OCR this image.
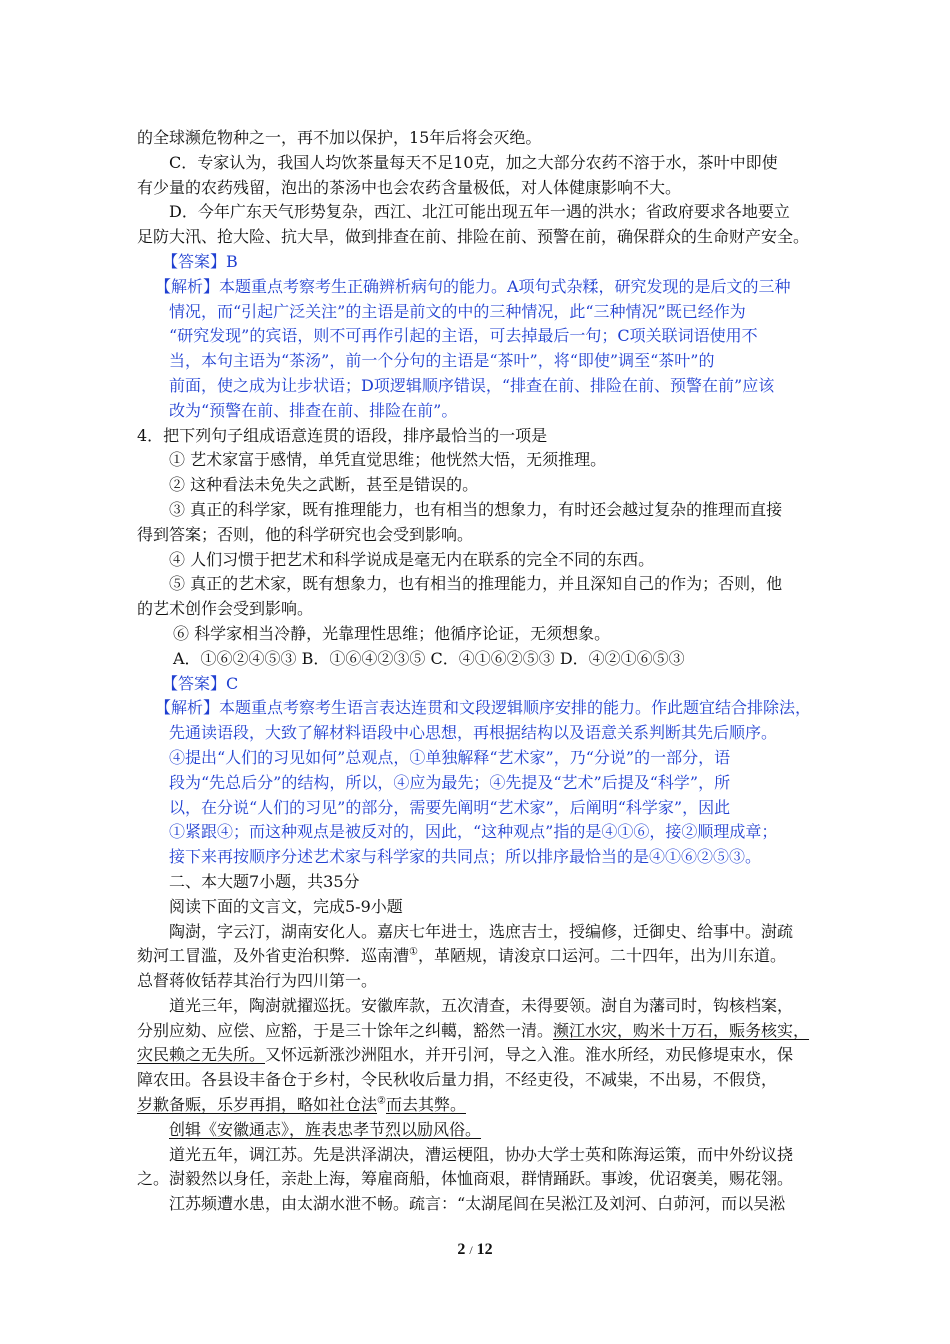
的全球濒危物种之一，再不加以保护，15年后将会灭绝。
C．专家认为，我国人均饮茶量每天不足10克，加之大部分农药不溶于水，茶叶中即使
有少量的农药残留，泡出的茶汤中也会农药含量极低，对人体健康影响不大。
D．今年广东天气形势复杂，西江、北江可能出现五年一遇的洪水；省政府要求各地要立
足防大汛、抢大险、抗大旱，做到排查在前、排险在前、预警在前，确保群众的生命财产安全。
【答案】B
【解析】本题重点考察考生正确辨析病句的能力。A项句式杂糅，研究发现的是后文的三种
情况，而“引起广泛关注”的主语是前文的中的三种情况，此“三种情况”既已经作为
“研究发现”的宾语，则不可再作引起的主语，可去掉最后一句；C项关联词语使用不
当，本句主语为“茶汤”，前一个分句的主语是“茶叶”，将“即使”调至“茶叶”的
前面，使之成为让步状语；D项逻辑顺序错误，“排查在前、排险在前、预警在前”应该
改为“预警在前、排查在前、排险在前”。
4．把下列句子组成语意连贯的语段，排序最恰当的一项是
① 艺术家富于感情，单凭直觉思维；他恍然大悟，无须推理。
② 这种看法未免失之武断，甚至是错误的。
③ 真正的科学家，既有推理能力，也有相当的想象力，有时还会越过复杂的推理而直接
得到答案；否则，他的科学研究也会受到影响。
④ 人们习惯于把艺术和科学说成是毫无内在联系的完全不同的东西。
⑤ 真正的艺术家，既有想象力，也有相当的推理能力，并且深知自己的作为；否则，他
的艺术创作会受到影响。
⑥ 科学家相当冷静，光靠理性思维；他循序论证，无须想象。
A．①⑥②④⑤③ B．①⑥④②③⑤ C．④①⑥②⑤③ D．④②①⑥⑤③
【答案】C
【解析】本题重点考察考生语言表达连贯和文段逻辑顺序安排的能力。作此题宜结合排除法，
先通读语段，大致了解材料语段中心思想，再根据结构以及语意关系判断其先后顺序。
④提出“人们的习见如何”总观点，①单独解释“艺术家”，乃“分说”的一部分，语
段为“先总后分”的结构，所以，④应为最先；④先提及“艺术”后提及“科学”，所
以，在分说“人们的习见”的部分，需要先阐明“艺术家”，后阐明“科学家”，因此
①紧跟④；而这种观点是被反对的，因此，“这种观点”指的是④①⑥，接②顺理成章；
接下来再按顺序分述艺术家与科学家的共同点；所以排序最恰当的是④①⑥②⑤③。
二、本大题7小题，共35分
阅读下面的文言文，完成5-9小题
陶澍，字云汀，湖南安化人。嘉庆七年进士，选庶吉士，授编修，迁御史、给事中。澍疏
劾河工冒滥，及外省吏治积弊．巡南漕①，革陋规，请浚京口运河。二十四年，出为川东道。
总督蒋攸铦荐其治行为四川第一。
道光三年，陶澍就擢巡抚。安徽库款，五次清查，未得要领。澍自为藩司时，钩核档案，
分别应劾、应偿、应豁，于是三十馀年之纠轕，豁然一清。濒江水灾，购米十万石，赈务核实，
灾民赖之无失所。又怀远新涨沙洲阻水，并开引河，导之入淮。淮水所经，劝民修堤束水，保
障农田。各县设丰备仓于乡村，令民秋收后量力捐，不经吏役，不减粜，不出易，不假贷，
岁歉备赈，乐岁再捐，略如社仓法②而去其弊。
创辑《安徽通志》，旌表忠孝节烈以励风俗。
道光五年，调江苏。先是洪泽湖决，漕运梗阻，协办大学士英和陈海运策，而中外纷议挠
之。澍毅然以身任，亲赴上海，筹雇商船，体恤商艰，群情踊跃。事竣，优诏褒美，赐花翎。
江苏频遭水患，由太湖水泄不畅。疏言：“太湖尾闾在吴淞江及刘河、白茆河，而以吴淞
2 / 12
